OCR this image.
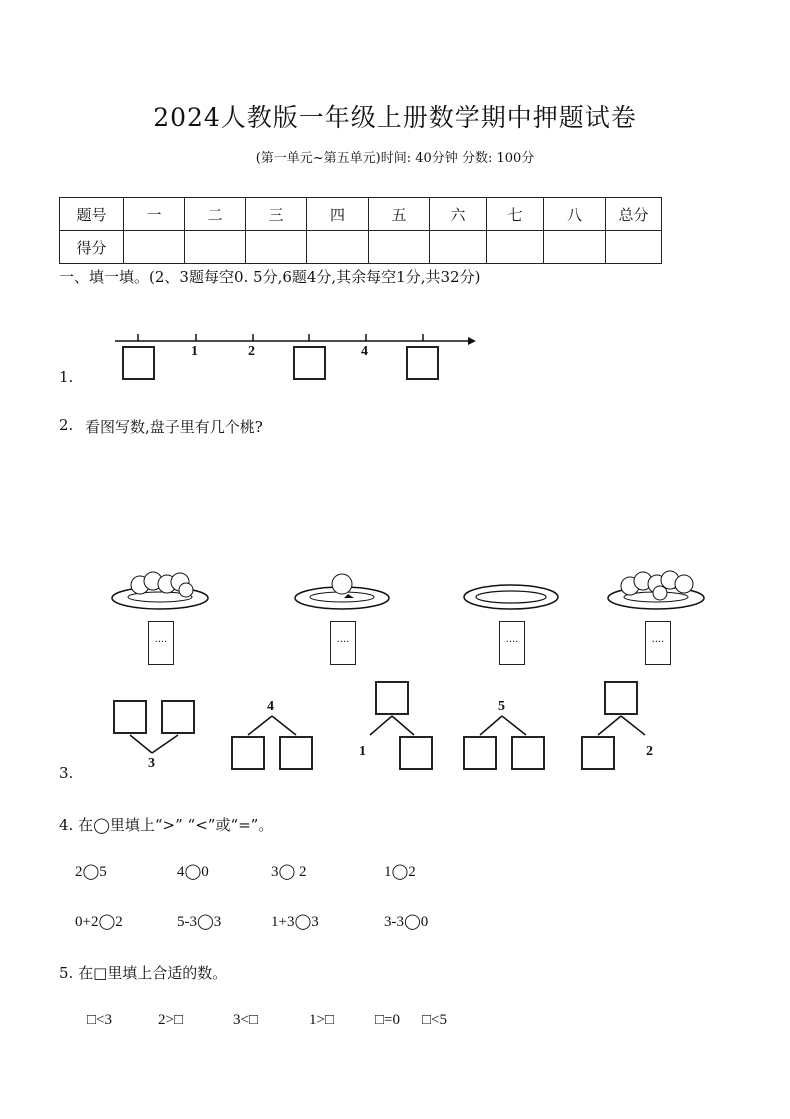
2024人教版一年级上册数学期中押题试卷
(第一单元~第五单元)时间: 40分钟 分数: 100分
题号	一	二	三	四	五	六	七	八	总分
得分									
一、填一填。(2、3题每空0. 5分,6题4分,其余每空1分,共32分)
1	2	4
1.
2. 看图写数,盘子里有几个桃?
····	····	····	····
3
4
1
5
2
3.
4. 在◯里填上“>” “<”或“=”。
2◯5	4◯0	3◯ 2	1◯2
0+2◯2	5-3◯3	1+3◯3	3-3◯0
5. 在□里填上合适的数。
□<3	2>□	3<□	1>□	□=0 □<5
